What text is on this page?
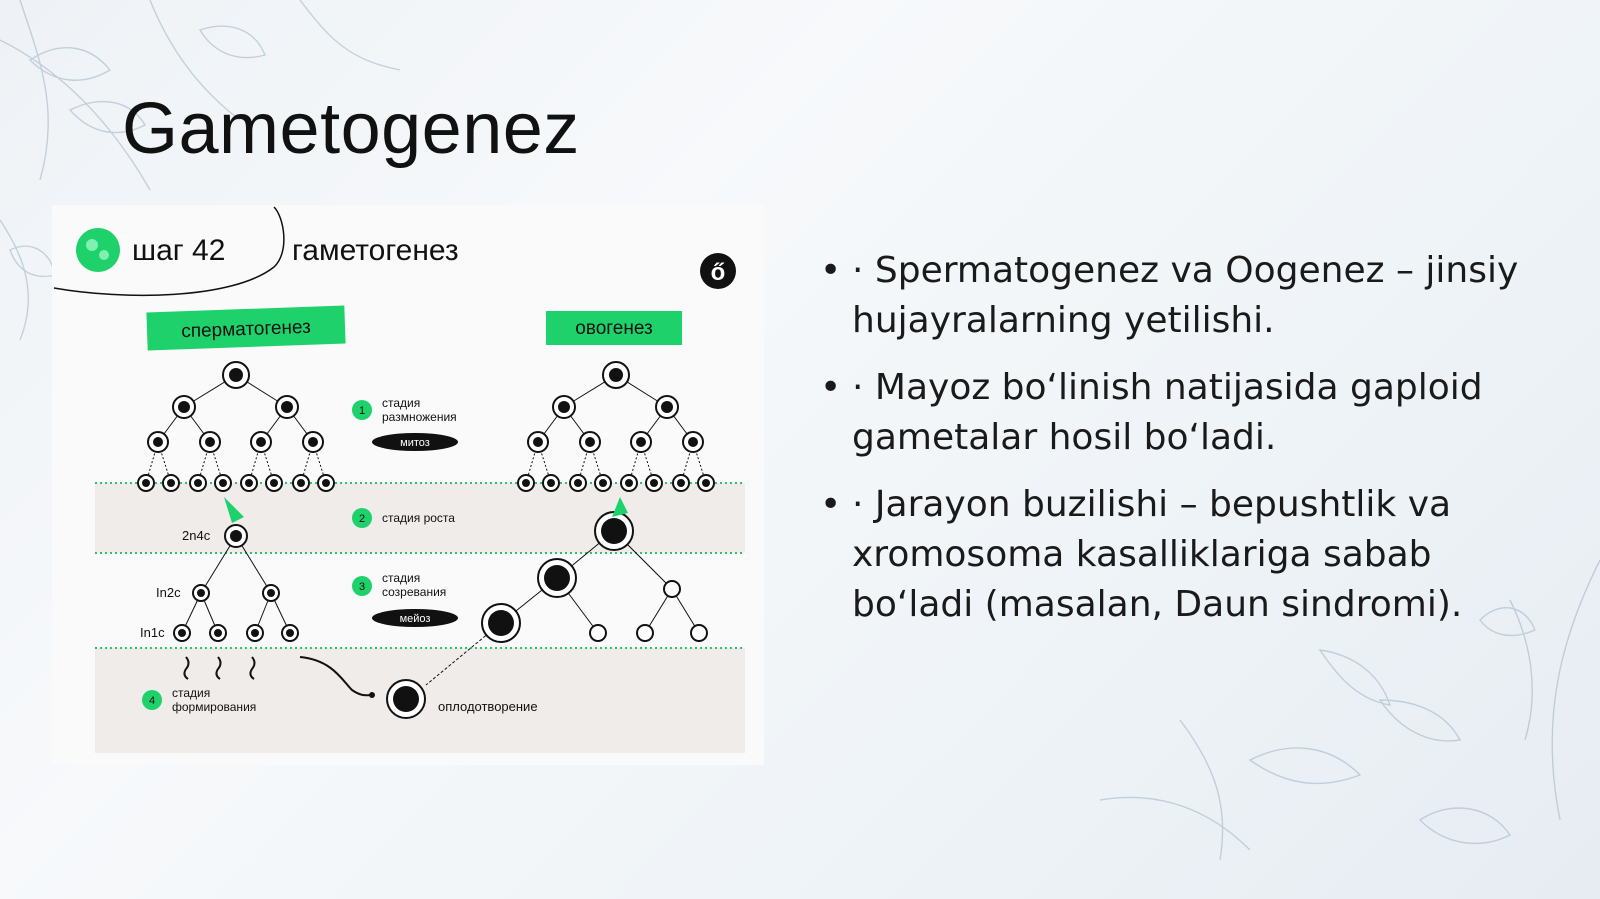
Gametogenez
шаг 42 гаметогенез
ő
сперматогенез	овогенез
2n4c
In2c
In1c
1
стадия
размножения
митоз
2 стадия роста
3
стадия
созревания
мейоз
4
стадия
формирования	оплодотворение
• · Spermatogenez va Oogenez – jinsiy hujayralarning yetilishi.
• · Mayoz boʻlinish natijasida gaploid gametalar hosil boʻladi.
• · Jarayon buzilishi – bepushtlik va xromosoma kasalliklariga sabab boʻladi (masalan, Daun sindromi).
